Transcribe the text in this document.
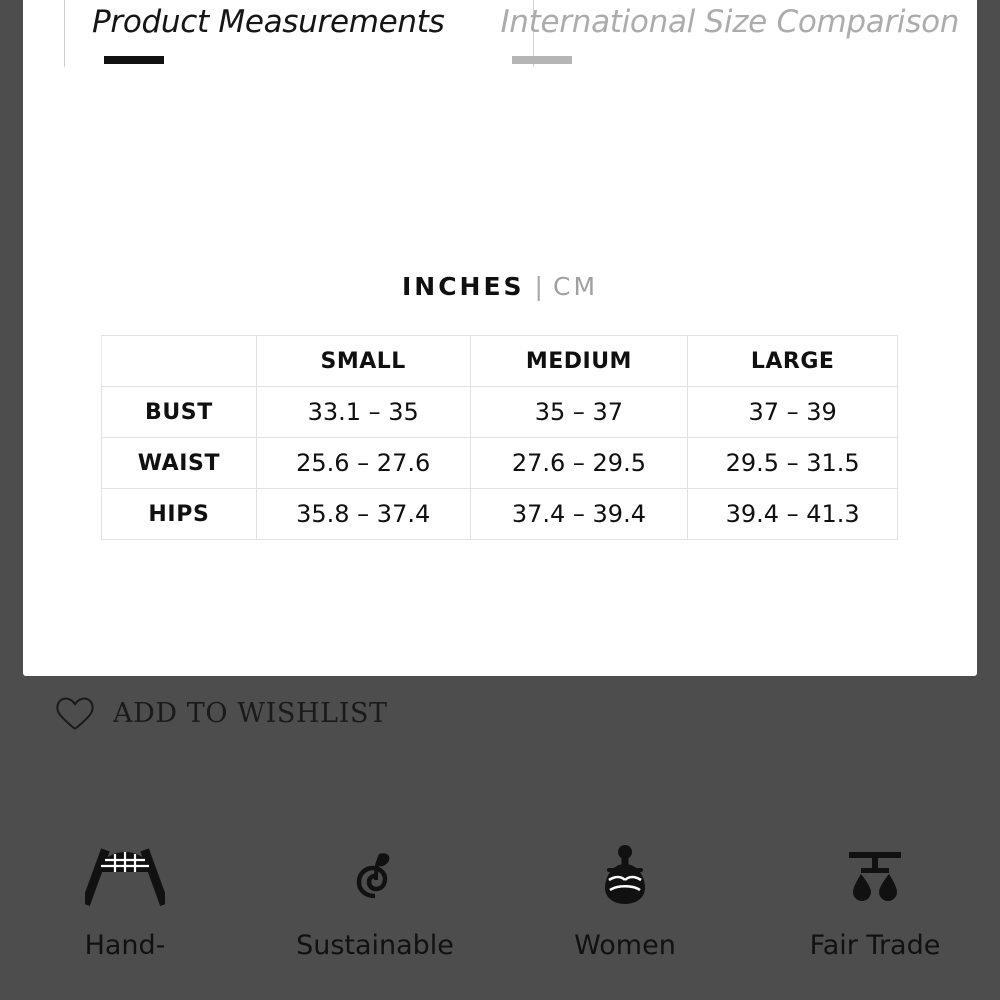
Product Measurements International Size Comparison
INCHES | CM
	SMALL	MEDIUM	LARGE
BUST	33.1 – 35	35 – 37	37 – 39
WAIST	25.6 – 27.6	27.6 – 29.5	29.5 – 31.5
HIPS	35.8 – 37.4	37.4 – 39.4	39.4 – 41.3
ADD TO WISHLIST
Hand-	Sustainable	Women	Fair Trade
